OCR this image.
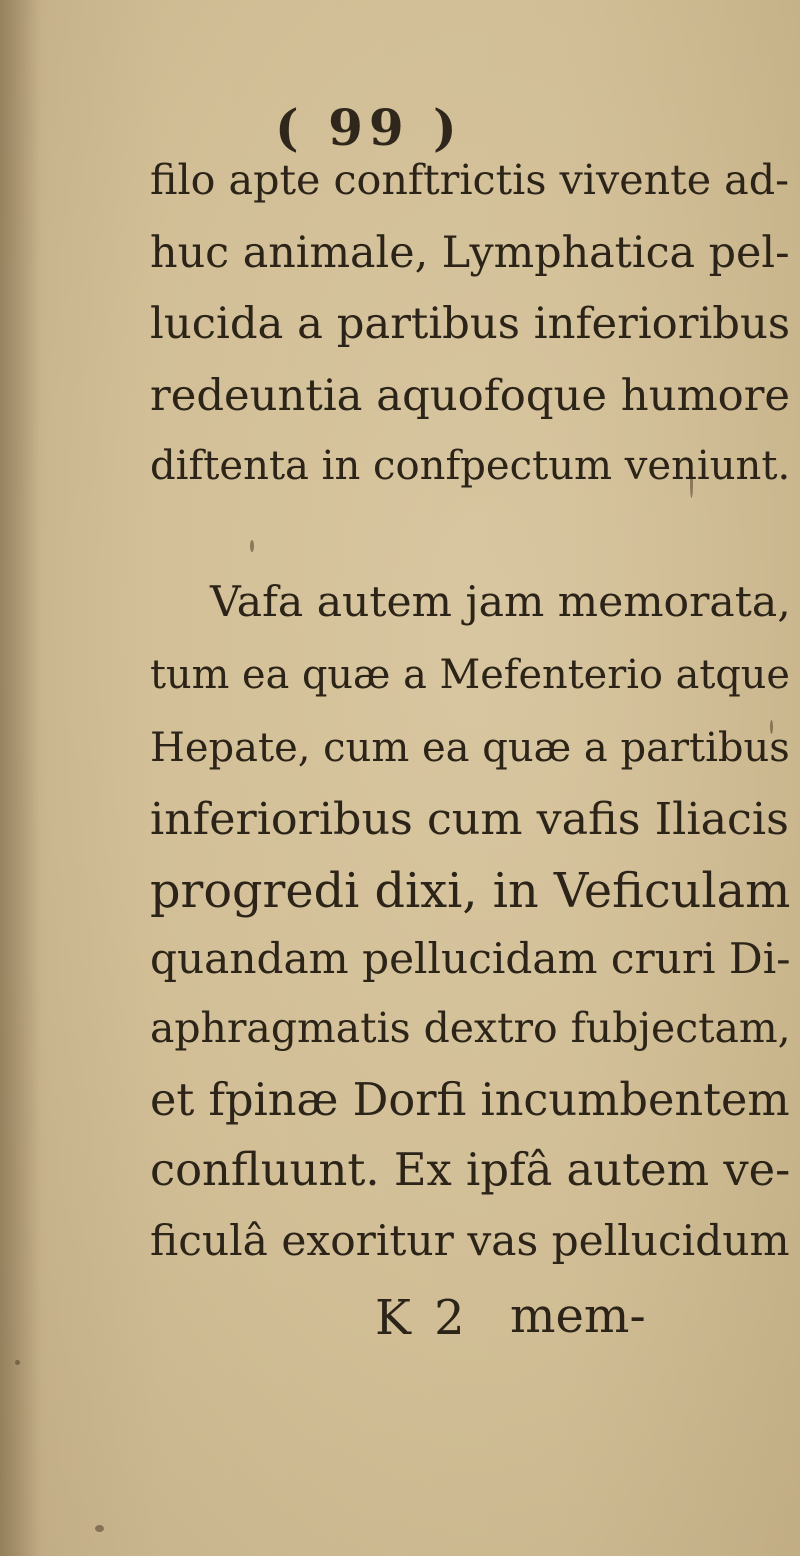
( 99 )
filo apte conftrictis vivente ad-
huc animale, Lymphatica pel-
lucida a partibus inferioribus
redeuntia aquofoque humore
diftenta in confpectum veniunt.
Vafa autem jam memorata,
tum ea quæ a Mefenterio atque
Hepate, cum ea quæ a partibus
inferioribus cum vafis Iliacis
progredi dixi, in Veficulam
quandam pellucidam cruri Di-
aphragmatis dextro fubjectam,
et fpinæ Dorfi incumbentem
confluunt. Ex ipfâ autem ve-
ficulâ exoritur vas pellucidum
K 2 mem-
